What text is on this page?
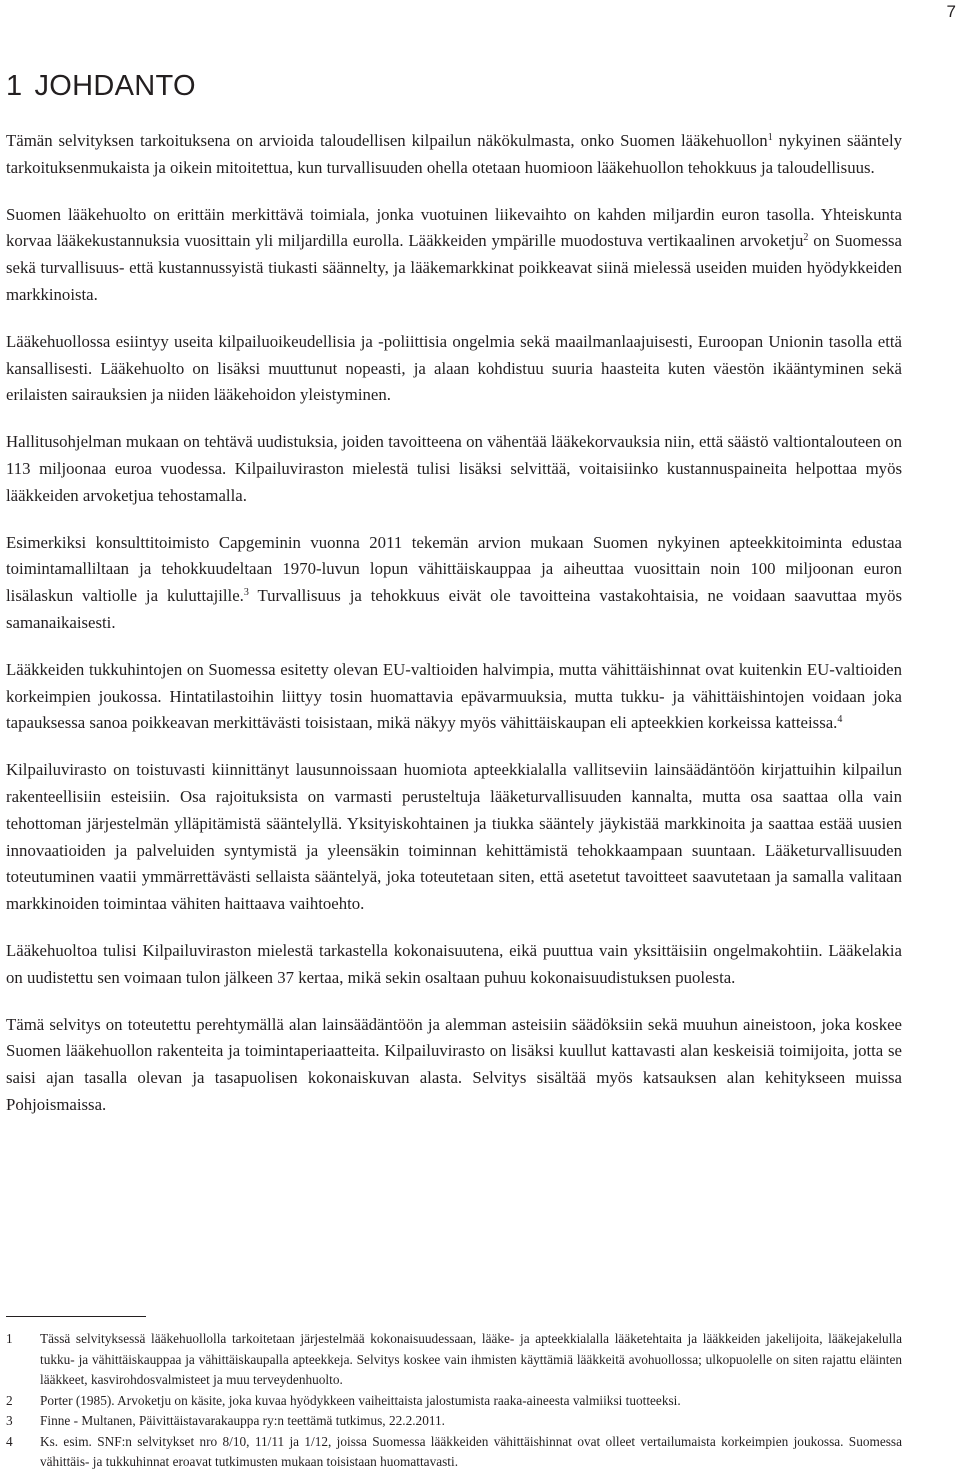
7
1 JOHDANTO

Tämän selvityksen tarkoituksena on arvioida taloudellisen kilpailun näkökulmasta, onko Suomen lääkehuollon$^1$ nykyinen sääntely tarkoituksenmukaista ja oikein mitoitettua, kun turvallisuuden ohella otetaan huomioon lääkehuollon tehokkuus ja taloudellisuus.

Suomen lääkehuolto on erittäin merkittävä toimiala, jonka vuotuinen liikevaihto on kahden miljardin euron tasolla. Yhteiskunta korvaa lääkekustannuksia vuosittain yli miljardilla eurolla. Lääkkeiden ympärille muodostuva vertikaalinen arvoketju$^2$ on Suomessa sekä turvallisuus- että kustannussyistä tiukasti säännelty, ja lääkemarkkinat poikkeavat siinä mielessä useiden muiden hyödykkeiden markkinoista.

Lääkehuollossa esiintyy useita kilpailuoikeudellisia ja -poliittisia ongelmia sekä maailmanlaajuisesti, Euroopan Unionin tasolla että kansallisesti. Lääkehuolto on lisäksi muuttunut nopeasti, ja alaan kohdistuu suuria haasteita kuten väestön ikääntyminen sekä erilaisten sairauksien ja niiden lääkehoidon yleistyminen.

Hallitusohjelman mukaan on tehtävä uudistuksia, joiden tavoitteena on vähentää lääkekorvauksia niin, että säästö valtiontalouteen on 113 miljoonaa euroa vuodessa. Kilpailuviraston mielestä tulisi lisäksi selvittää, voitaisiinko kustannuspaineita helpottaa myös lääkkeiden arvoketjua tehostamalla.

Esimerkiksi konsulttitoimisto Capgeminin vuonna 2011 tekemän arvion mukaan Suomen nykyinen apteekkitoiminta edustaa toimintamalliltaan ja tehokkuudeltaan 1970-luvun lopun vähittäiskauppaa ja aiheuttaa vuosittain noin 100 miljoonan euron lisälaskun valtiolle ja kuluttajille.$^3$ Turvallisuus ja tehokkuus eivät ole tavoitteina vastakohtaisia, ne voidaan saavuttaa myös samanaikaisesti.

Lääkkeiden tukkuhintojen on Suomessa esitetty olevan EU-valtioiden halvimpia, mutta vähittäishinnat ovat kuitenkin EU-valtioiden korkeimpien joukossa. Hintatilastoihin liittyy tosin huomattavia epävarmuuksia, mutta tukku- ja vähittäishintojen voidaan joka tapauksessa sanoa poikkeavan merkittävästi toisistaan, mikä näkyy myös vähittäiskaupan eli apteekkien korkeissa katteissa.$^4$

Kilpailuvirasto on toistuvasti kiinnittänyt lausunnoissaan huomiota apteekkialalla vallitseviin lainsäädäntöön kirjattuihin kilpailun rakenteellisiin esteisiin. Osa rajoituksista on varmasti perusteltuja lääketurvallisuuden kannalta, mutta osa saattaa olla vain tehottoman järjestelmän ylläpitämistä sääntelyllä. Yksityiskohtainen ja tiukka sääntely jäykistää markkinoita ja saattaa estää uusien innovaatioiden ja palveluiden syntymistä ja yleensäkin toiminnan kehittämistä tehokkaampaan suuntaan. Lääketurvallisuuden toteutuminen vaatii ymmärrettävästi sellaista sääntelyä, joka toteutetaan siten, että asetetut tavoitteet saavutetaan ja samalla valitaan markkinoiden toimintaa vähiten haittaava vaihtoehto.

Lääkehuoltoa tulisi Kilpailuviraston mielestä tarkastella kokonaisuutena, eikä puuttua vain yksittäisiin ongelmakohtiin. Lääkelakia on uudistettu sen voimaan tulon jälkeen 37 kertaa, mikä sekin osaltaan puhuu kokonaisuudistuksen puolesta.

Tämä selvitys on toteutettu perehtymällä alan lainsäädäntöön ja alemman asteisiin säädöksiin sekä muuhun aineistoon, joka koskee Suomen lääkehuollon rakenteita ja toimintaperiaatteita. Kilpailuvirasto on lisäksi kuullut kattavasti alan keskeisiä toimijoita, jotta se saisi ajan tasalla olevan ja tasapuolisen kokonaiskuvan alasta. Selvitys sisältää myös katsauksen alan kehitykseen muissa Pohjoismaissa.

1	Tässä selvityksessä lääkehuollolla tarkoitetaan järjestelmää kokonaisuudessaan, lääke- ja apteekkialalla lääketehtaita ja lääkkeiden jakelijoita, lääkejakelulla tukku- ja vähittäiskauppaa ja vähittäiskaupalla apteekkeja. Selvitys koskee vain ihmisten käyttämiä lääkkeitä avohuollossa; ulkopuolelle on siten rajattu eläinten lääkkeet, kasvirohdosvalmisteet ja muu terveydenhuolto.
2	Porter (1985). Arvoketju on käsite, joka kuvaa hyödykkeen vaiheittaista jalostumista raaka-aineesta valmiiksi tuotteeksi.
3	Finne - Multanen, Päivittäistavarakauppa ry:n teettämä tutkimus, 22.2.2011.
4	Ks. esim. SNF:n selvitykset nro 8/10, 11/11 ja 1/12, joissa Suomessa lääkkeiden vähittäishinnat ovat olleet vertailumaista korkeimpien joukossa. Suomessa vähittäis- ja tukkuhinnat eroavat tutkimusten mukaan toisistaan huomattavasti.
